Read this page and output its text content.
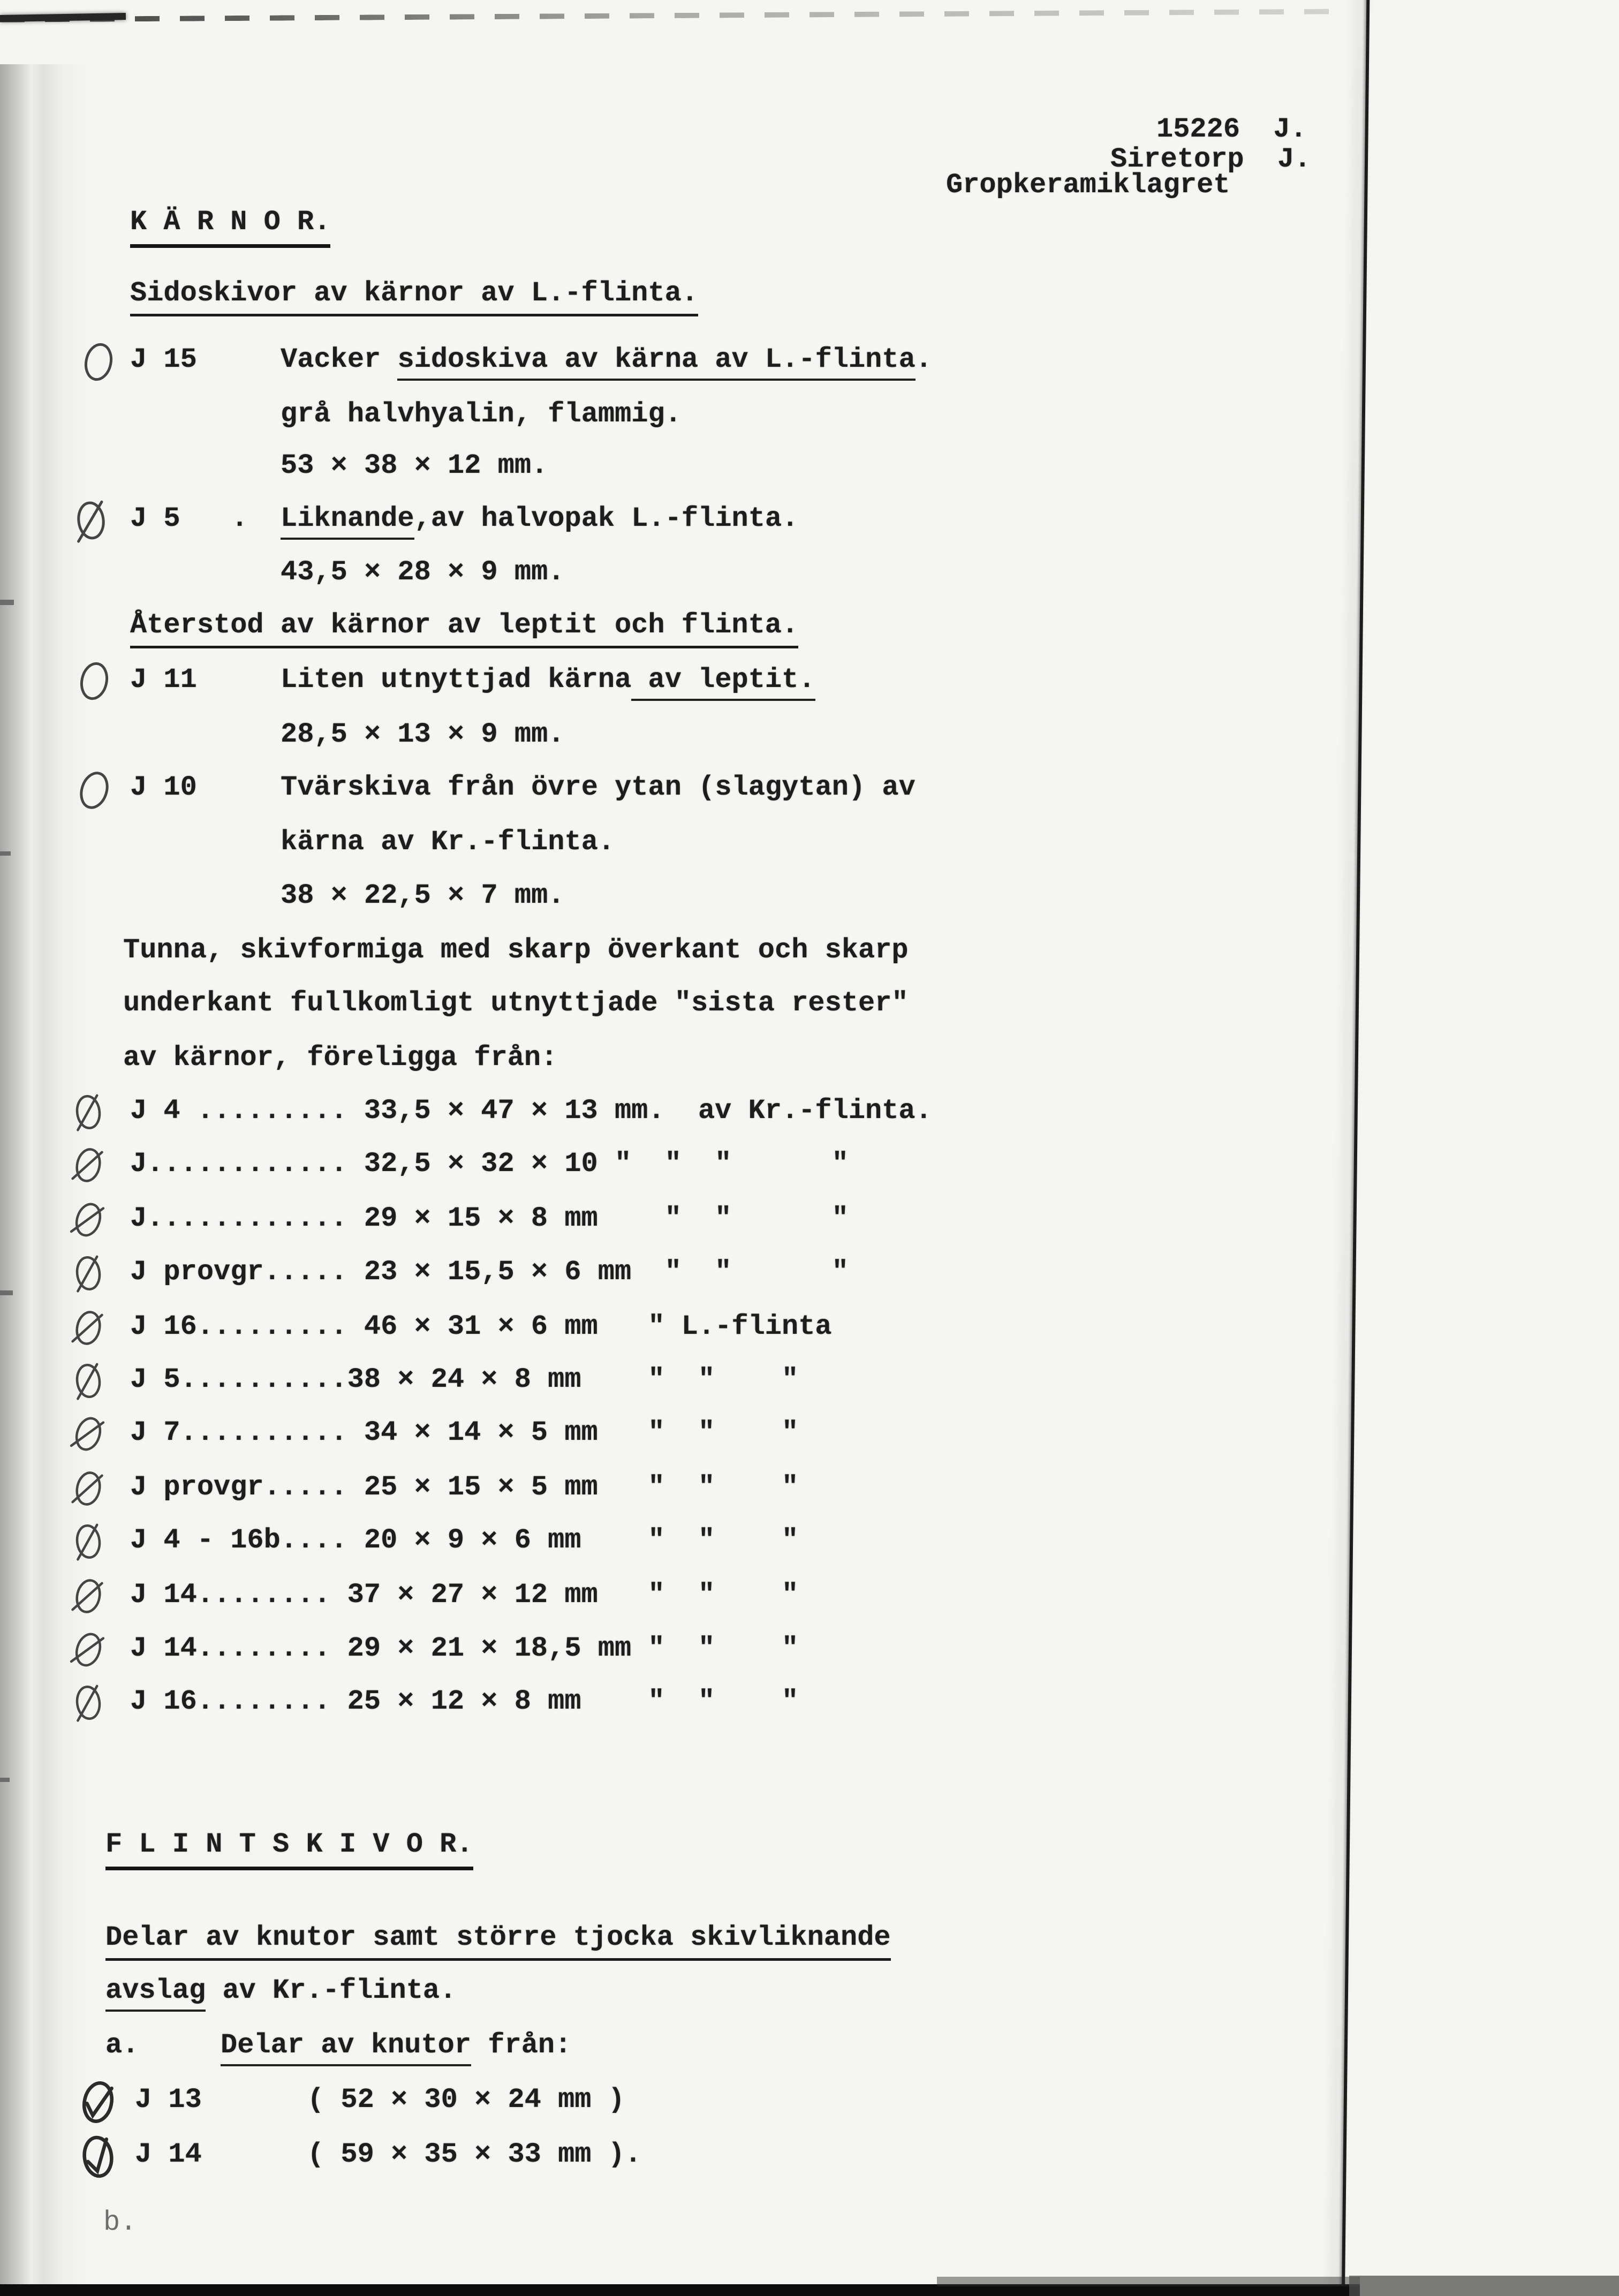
15226  J.
Siretorp  J.
Gropkeramiklagret
K Ä R N O R.
Sidoskivor av kärnor av L.-flinta.
J 15	Vacker sidoskiva av kärna av L.-flinta.
grå halvhyalin, flammig.
53 × 38 × 12 mm.
J 5 . Liknande,av halvopak L.-flinta.
43,5 × 28 × 9 mm.
Återstod av kärnor av leptit och flinta.
J 11	Liten utnyttjad kärna av leptit.
28,5 × 13 × 9 mm.
J 10	Tvärskiva från övre ytan (slagytan) av
kärna av Kr.-flinta.
38 × 22,5 × 7 mm.
Tunna, skivformiga med skarp överkant och skarp
underkant fullkomligt utnyttjade "sista rester"
av kärnor, föreligga från:
J 4 ......... 33,5 × 47 × 13 mm.  av Kr.-flinta.
J............ 32,5 × 32 × 10 "  "  "      "
J............ 29 × 15 × 8 mm    "  "      "
J provgr..... 23 × 15,5 × 6 mm  "  "      "
J 16......... 46 × 31 × 6 mm   " L.-flinta
J 5..........38 × 24 × 8 mm    "  "    "
J 7.......... 34 × 14 × 5 mm   "  "    "
J provgr..... 25 × 15 × 5 mm   "  "    "
J 4 - 16b.... 20 × 9 × 6 mm    "  "    "
J 14........ 37 × 27 × 12 mm   "  "    "
J 14........ 29 × 21 × 18,5 mm "  "    "
J 16........ 25 × 12 × 8 mm    "  "    "
F L I N T S K I V O R.
Delar av knutor samt större tjocka skivliknande
avslag av Kr.-flinta.
a.	Delar av knutor från:
J 13	( 52 × 30 × 24 mm )
J 14	( 59 × 35 × 33 mm ).
b.
